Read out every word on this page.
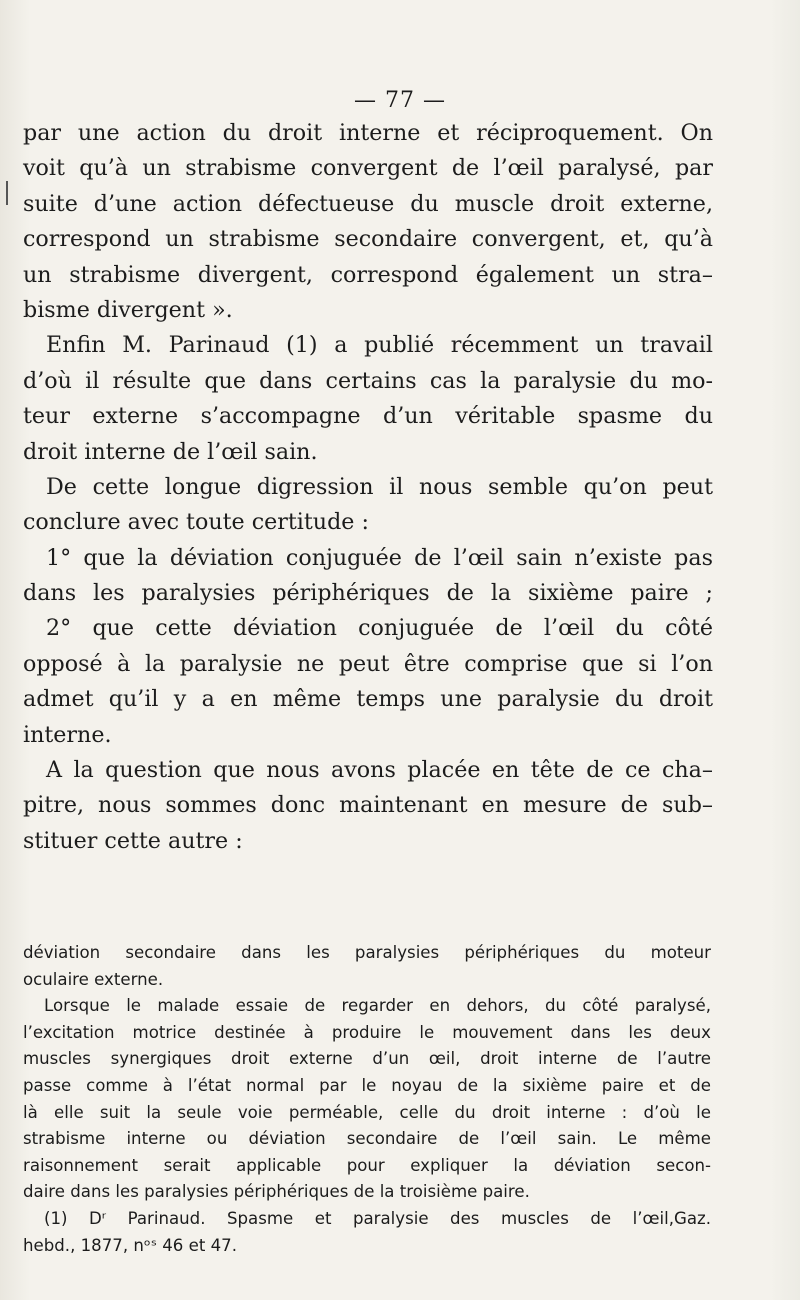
— 77 —
par une action du droit interne et réciproquement. On
voit qu’à un strabisme convergent de l’œil paralysé, par
suite d’une action défectueuse du muscle droit externe,
correspond un strabisme secondaire convergent, et, qu’à
un strabisme divergent, correspond également un stra–
bisme divergent ».
Enfin M. Parinaud (1) a publié récemment un travail
d’où il résulte que dans certains cas la paralysie du mo-
teur externe s’accompagne d’un véritable spasme du
droit interne de l’œil sain.
De cette longue digression il nous semble qu’on peut
conclure avec toute certitude :
1° que la déviation conjuguée de l’œil sain n’existe pas
dans les paralysies périphériques de la sixième paire ;
2° que cette déviation conjuguée de l’œil du côté
opposé à la paralysie ne peut être comprise que si l’on
admet qu’il y a en même temps une paralysie du droit
interne.
A la question que nous avons placée en tête de ce cha–
pitre, nous sommes donc maintenant en mesure de sub–
stituer cette autre :
déviation secondaire dans les paralysies périphériques du moteur
oculaire externe.
Lorsque le malade essaie de regarder en dehors, du côté paralysé,
l’excitation motrice destinée à produire le mouvement dans les deux
muscles synergiques droit externe d’un œil, droit interne de l’autre
passe comme à l’état normal par le noyau de la sixième paire et de
là elle suit la seule voie perméable, celle du droit interne : d’où le
strabisme interne ou déviation secondaire de l’œil sain. Le même
raisonnement serait applicable pour expliquer la déviation secon-
daire dans les paralysies périphériques de la troisième paire.
(1) Dʳ Parinaud. Spasme et paralysie des muscles de l’œil,Gaz.
hebd., 1877, nᵒˢ 46 et 47.
